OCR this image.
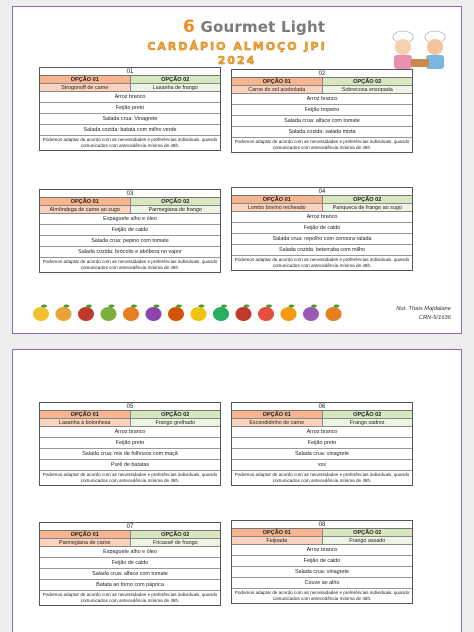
6 Gourmet Light
CARDÁPIO ALMOÇO JPI
2024
01
OPÇÃO 01	OPÇÃO 02
Strogonoff de carne	Lasanha de frango
Arroz branco
Feijão preto
Salada crua: Vinagrete
Salada cozida: batata com milho verde
Podemos adaptar de acordo com as necessidades e preferências individuais, quando comunicados com antecedência mínima de 48h.
02
OPÇÃO 01	OPÇÃO 02
Carne do sol acebolada	Sobrecoxa ensopada
Arroz branco
Feijão tropeiro
Salada crua: alface com tomate
Salada cozida: salada mista
Podemos adaptar de acordo com as necessidades e preferências individuais, quando comunicados com antecedência mínima de 48h.
03
OPÇÃO 01	OPÇÃO 02
Almôndega de carne ao sugo	Parmegiana de frango
Espaguete alho e óleo
Feijão de caldo
Salada crua: pepino com tomate
Salada cozida: brócolis e abóbora no vapor
Podemos adaptar de acordo com as necessidades e preferências individuais, quando comunicados com antecedência mínima de 48h.
04
OPÇÃO 01	OPÇÃO 02
Lombo bovino recheado	Panqueca de frango ao sugo
Arroz branco
Feijão de caldo
Salada crua: repolho com cenoura ralada
Salada cozida: beterraba com milho
Podemos adaptar de acordo com as necessidades e preferências individuais, quando comunicados com antecedência mínima de 48h.
Nut. Thais Majdalane
CRN-5/1636
05
OPÇÃO 01	OPÇÃO 02
Lasanha à bolonhesa	Frango grelhado
Arroz branco
Feijão preto
Salada crua: mix de folhosos com maçã
Purê de batatas
Podemos adaptar de acordo com as necessidades e preferências individuais, quando comunicados com antecedência mínima de 48h.
06
OPÇÃO 01	OPÇÃO 02
Escondidinho de carne	Frango xadrez
Arroz branco
Feijão preto
Salada crua: vinagrete
xxx
Podemos adaptar de acordo com as necessidades e preferências individuais, quando comunicados com antecedência mínima de 48h.
07
OPÇÃO 01	OPÇÃO 02
Parmegiana de carne	Fricassê de frango
Espaguete alho e óleo
Feijão de caldo
Salada crua: alface com tomate
Batata ao forno com páprica
Podemos adaptar de acordo com as necessidades e preferências individuais, quando comunicados com antecedência mínima de 48h.
08
OPÇÃO 01	OPÇÃO 02
Feijoada	Frango assado
Arroz branco
Feijão de caldo
Salada crua: vinagrete
Couve ao alho
Podemos adaptar de acordo com as necessidades e preferências individuais, quando comunicados com antecedência mínima de 48h.
